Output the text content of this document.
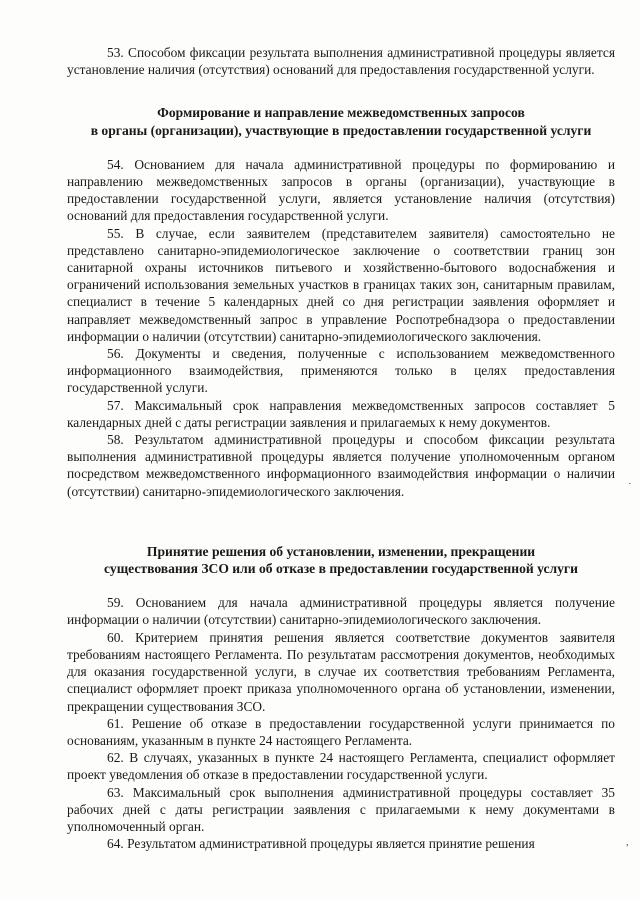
53. Способом фиксации результата выполнения административной процедуры является установление наличия (отсутствия) оснований для предоставления государственной услуги.

Формирование и направление межведомственных запросов

в органы (организации), участвующие в предоставлении государственной услуги

54. Основанием для начала административной процедуры по формированию и направлению межведомственных запросов в органы (организации), участвующие в предоставлении государственной услуги, является установление наличия (отсутствия) оснований для предоставления государственной услуги.

55. В случае, если заявителем (представителем заявителя) самостоятельно не представлено санитарно-эпидемиологическое заключение о соответствии границ зон санитарной охраны источников питьевого и хозяйственно-бытового водоснабжения и ограничений использования земельных участков в границах таких зон, санитарным правилам, специалист в течение 5 календарных дней со дня регистрации заявления оформляет и направляет межведомственный запрос в управление Роспотребнадзора о предоставлении информации о наличии (отсутствии) санитарно-эпидемиологического заключения.

56. Документы и сведения, полученные с использованием межведомственного информационного взаимодействия, применяются только в целях предоставления государственной услуги.

57. Максимальный срок направления межведомственных запросов составляет 5 календарных дней с даты регистрации заявления и прилагаемых к нему документов.

58. Результатом административной процедуры и способом фиксации результата выполнения административной процедуры является получение уполномоченным органом посредством межведомственного информационного взаимодействия информации о наличии (отсутствии) санитарно-эпидемиологического заключения.

Принятие решения об установлении, изменении, прекращении

существования ЗСО или об отказе в предоставлении государственной услуги

59. Основанием для начала административной процедуры является получение информации о наличии (отсутствии) санитарно-эпидемиологического заключения.

60. Критерием принятия решения является соответствие документов заявителя требованиям настоящего Регламента. По результатам рассмотрения документов, необходимых для оказания государственной услуги, в случае их соответствия требованиям Регламента, специалист оформляет проект приказа уполномоченного органа об установлении, изменении, прекращении существования ЗСО.

61. Решение об отказе в предоставлении государственной услуги принимается по основаниям, указанным в пункте 24 настоящего Регламента.

62. В случаях, указанных в пункте 24 настоящего Регламента, специалист оформляет проект уведомления об отказе в предоставлении государственной услуги.

63. Максимальный срок выполнения административной процедуры составляет 35 рабочих дней с даты регистрации заявления с прилагаемыми к нему документами в уполномоченный орган.

64. Результатом административной процедуры является принятие решения

·
,
